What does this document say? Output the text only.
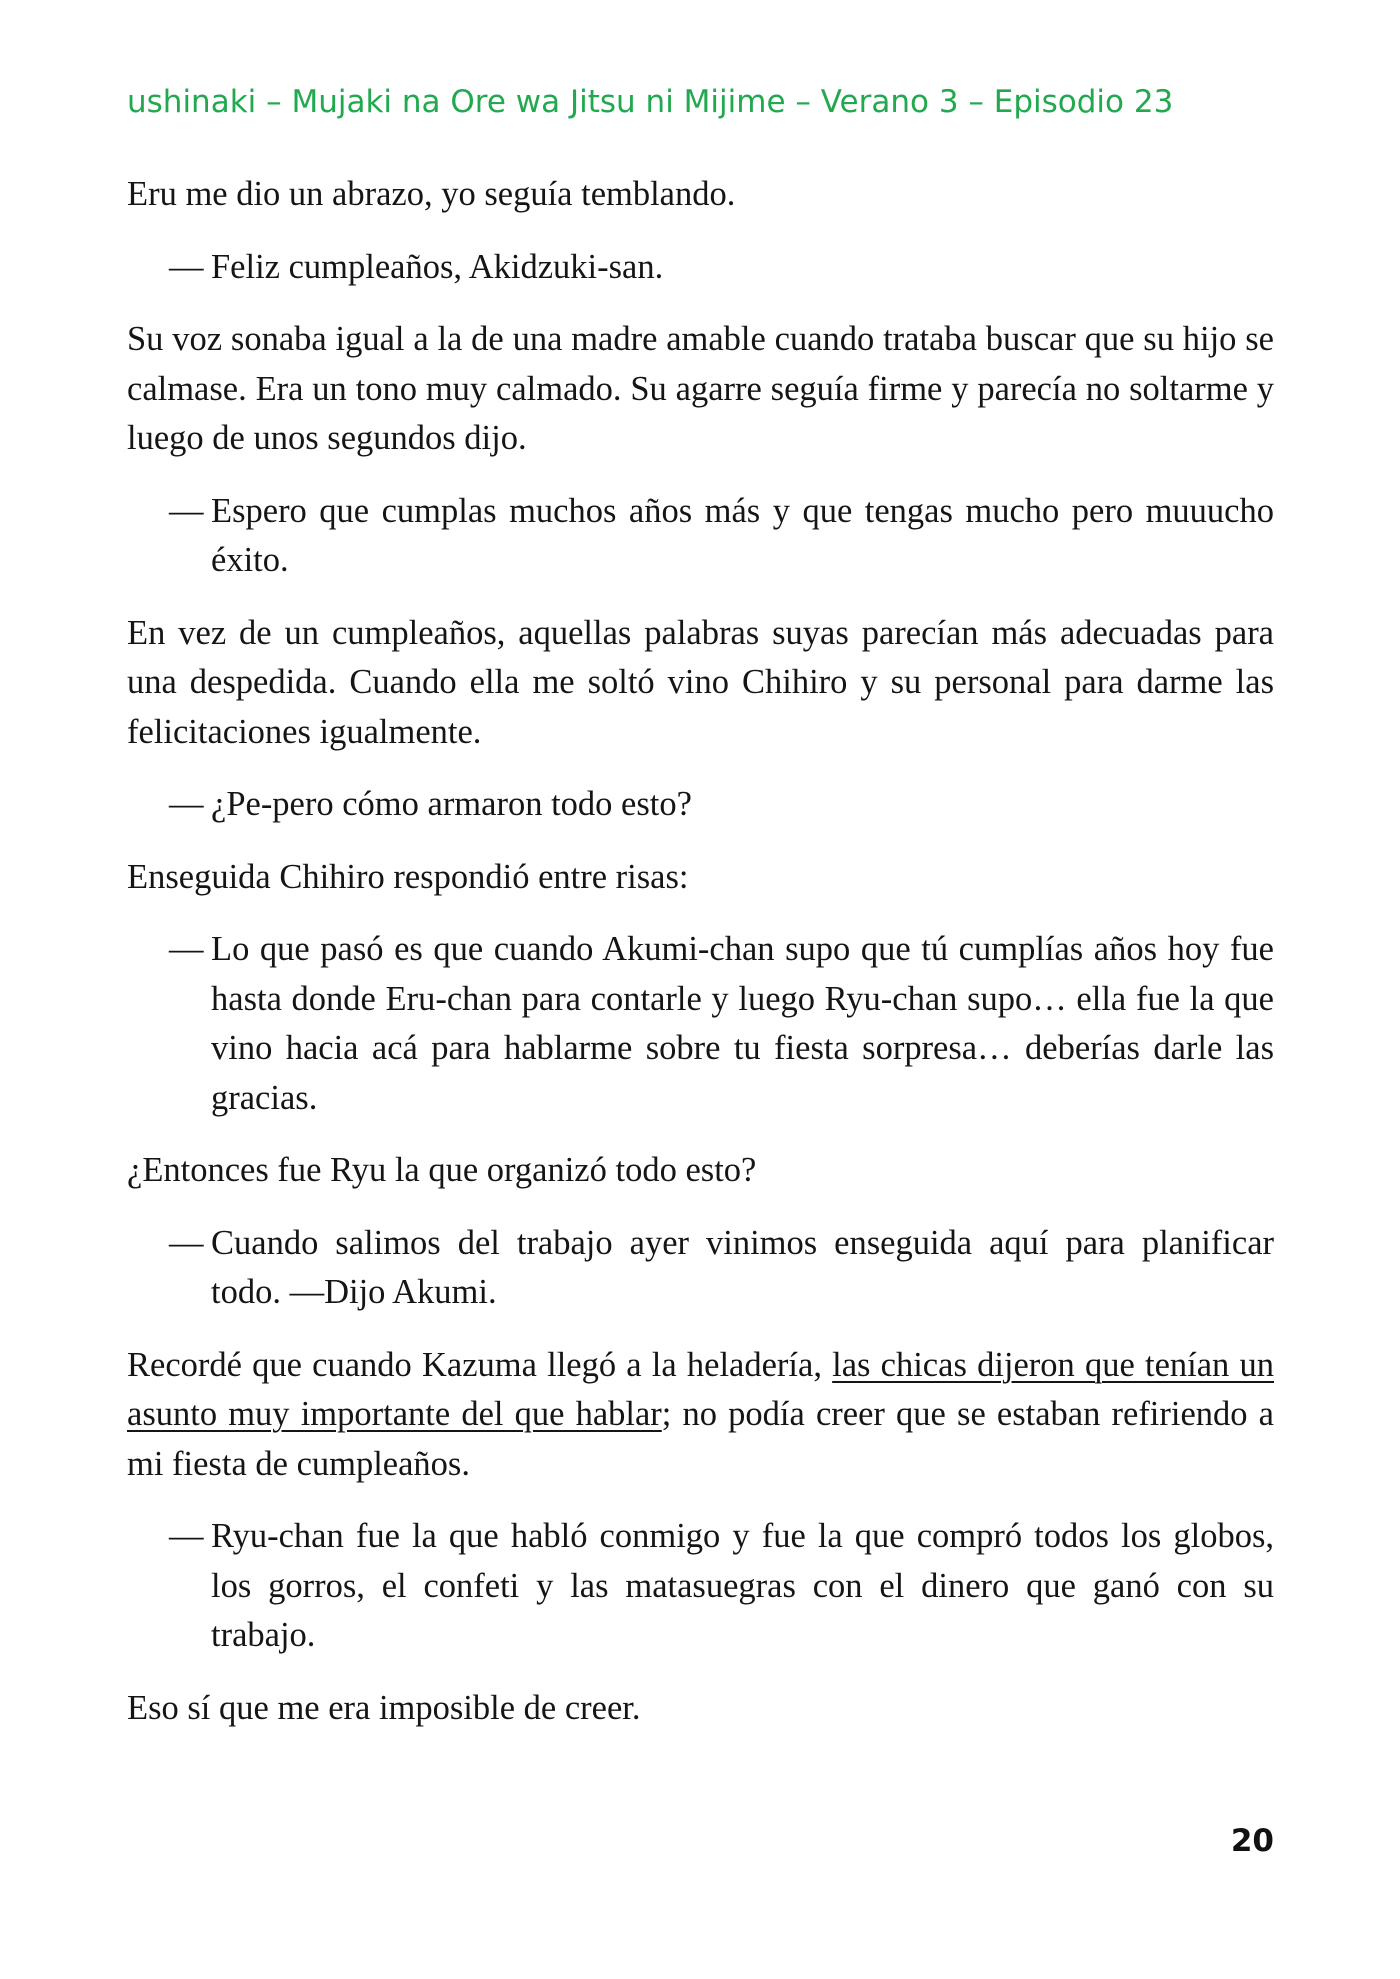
ushinaki – Mujaki na Ore wa Jitsu ni Mijime – Verano 3 – Episodio 23

Eru me dio un abrazo, yo seguía temblando.

— Feliz cumpleaños, Akidzuki-san.

Su voz sonaba igual a la de una madre amable cuando trataba buscar que su hijo se calmase. Era un tono muy calmado. Su agarre seguía firme y parecía no soltarme y luego de unos segundos dijo.

— Espero que cumplas muchos años más y que tengas mucho pero muuucho éxito.

En vez de un cumpleaños, aquellas palabras suyas parecían más adecuadas para una despedida. Cuando ella me soltó vino Chihiro y su personal para darme las felicitaciones igualmente.

— ¿Pe-pero cómo armaron todo esto?

Enseguida Chihiro respondió entre risas:

— Lo que pasó es que cuando Akumi-chan supo que tú cumplías años hoy fue hasta donde Eru-chan para contarle y luego Ryu-chan supo… ella fue la que vino hacia acá para hablarme sobre tu fiesta sorpresa… deberías darle las gracias.

¿Entonces fue Ryu la que organizó todo esto?

— Cuando salimos del trabajo ayer vinimos enseguida aquí para planificar todo. —Dijo Akumi.

Recordé que cuando Kazuma llegó a la heladería, las chicas dijeron que tenían un asunto muy importante del que hablar; no podía creer que se estaban refiriendo a mi fiesta de cumpleaños.

— Ryu-chan fue la que habló conmigo y fue la que compró todos los globos, los gorros, el confeti y las matasuegras con el dinero que ganó con su trabajo.

Eso sí que me era imposible de creer.

20
